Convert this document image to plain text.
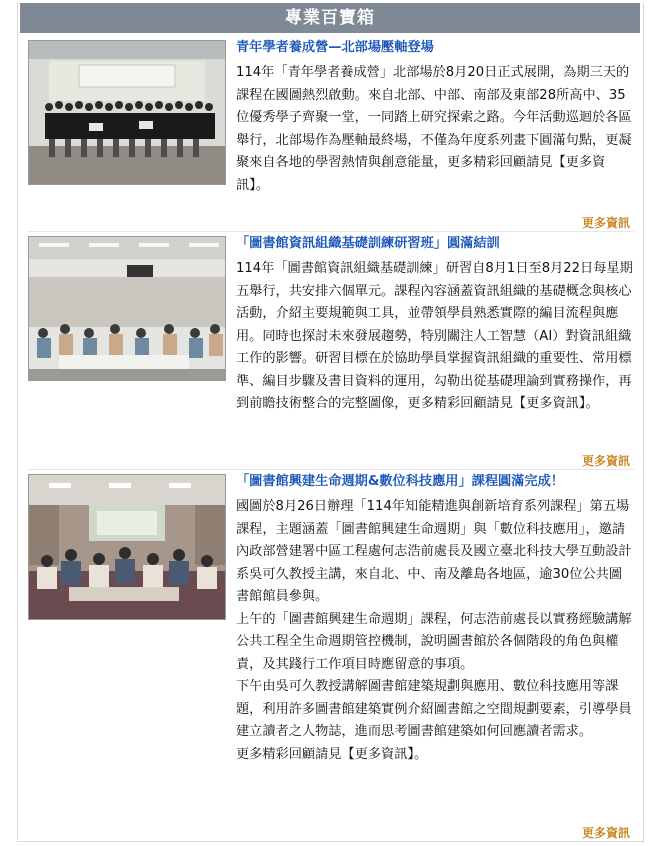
專業百寶箱
青年學者養成營—北部場壓軸登場

114年「青年學者養成營」北部場於8月20日正式展開，為期三天的課程在國圖熱烈啟動。來自北部、中部、南部及東部28所高中、35位優秀學子齊聚一堂，一同踏上研究探索之路。今年活動巡迴於各區舉行，北部場作為壓軸最終場，不僅為年度系列畫下圓滿句點，更凝聚來自各地的學習熱情與創意能量，更多精彩回顧請見【更多資訊】。

更多資訊
「圖書館資訊組織基礎訓練研習班」圓滿結訓

114年「圖書館資訊組織基礎訓練」研習自8月1日至8月22日每星期五舉行，共安排六個單元。課程內容涵蓋資訊組織的基礎概念與核心活動，介紹主要規範與工具，並帶領學員熟悉實際的編目流程與應用。同時也探討未來發展趨勢，特別關注人工智慧（AI）對資訊組織工作的影響。研習目標在於協助學員掌握資訊組織的重要性、常用標準、編目步驟及書目資料的運用，勾勒出從基礎理論到實務操作，再到前瞻技術整合的完整圖像，更多精彩回顧請見【更多資訊】。

更多資訊
「圖書館興建生命週期&數位科技應用」課程圓滿完成！

國圖於8月26日辦理「114年知能精進與創新培育系列課程」第五場課程，主題涵蓋「圖書館興建生命週期」與「數位科技應用」，邀請內政部營建署中區工程處何志浩前處長及國立臺北科技大學互動設計系吳可久教授主講，來自北、中、南及離島各地區，逾30位公共圖書館館員參與。

上午的「圖書館興建生命週期」課程，何志浩前處長以實務經驗講解公共工程全生命週期管控機制，說明圖書館於各個階段的角色與權責，及其踐行工作項目時應留意的事項。

下午由吳可久教授講解圖書館建築規劃與應用、數位科技應用等課題，利用許多圖書館建築實例介紹圖書館之空間規劃要素，引導學員建立讀者之人物誌，進而思考圖書館建築如何回應讀者需求。

更多精彩回顧請見【更多資訊】。

更多資訊
